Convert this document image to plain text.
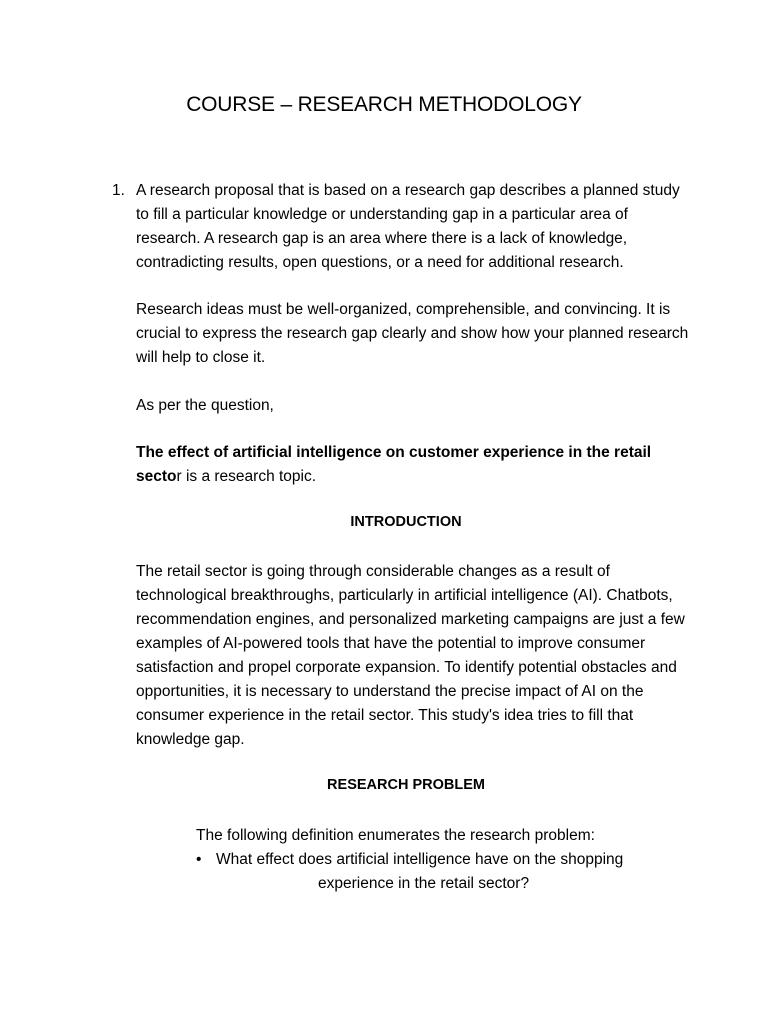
COURSE – RESEARCH METHODOLOGY
1. A research proposal that is based on a research gap describes a planned study to fill a particular knowledge or understanding gap in a particular area of research. A research gap is an area where there is a lack of knowledge, contradicting results, open questions, or a need for additional research.

Research ideas must be well-organized, comprehensible, and convincing. It is crucial to express the research gap clearly and show how your planned research will help to close it.

As per the question,

The effect of artificial intelligence on customer experience in the retail sector is a research topic.

INTRODUCTION

The retail sector is going through considerable changes as a result of technological breakthroughs, particularly in artificial intelligence (AI). Chatbots, recommendation engines, and personalized marketing campaigns are just a few examples of AI-powered tools that have the potential to improve consumer satisfaction and propel corporate expansion. To identify potential obstacles and opportunities, it is necessary to understand the precise impact of AI on the consumer experience in the retail sector. This study's idea tries to fill that knowledge gap.

RESEARCH PROBLEM

The following definition enumerates the research problem:

• What effect does artificial intelligence have on the shopping
experience in the retail sector?
